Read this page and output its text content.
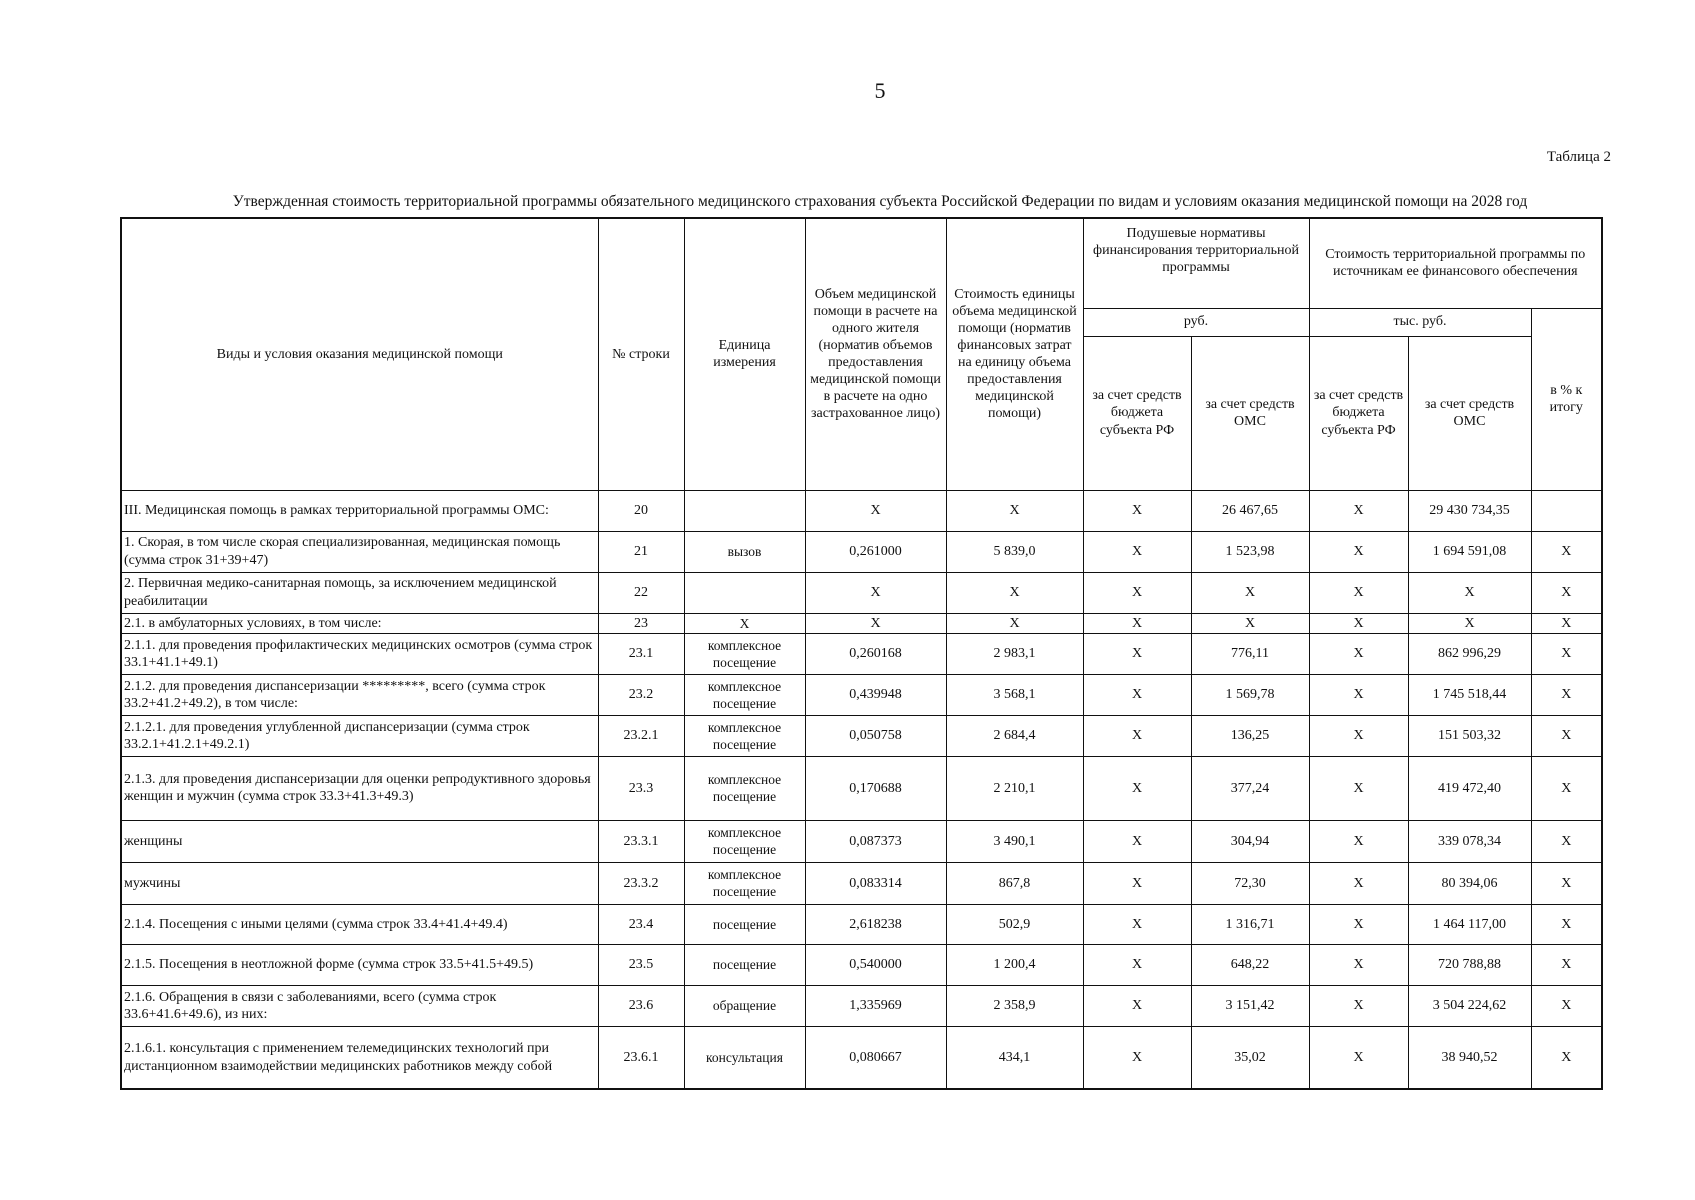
5
Таблица 2
Утвержденная стоимость территориальной программы обязательного медицинского страхования субъекта Российской Федерации по видам и условиям оказания медицинской помощи на 2028 год
Виды и условия оказания медицинской помощи	№ строки	Единица измерения	Объем медицинской помощи в расчете на одного жителя (норматив объемов предоставления медицинской помощи в расчете на одно застрахованное лицо)	Стоимость единицы объема медицинской помощи (норматив финансовых затрат на единицу объема предоставления медицинской помощи)	Подушевые нормативы финансирования территориальной программы		Стоимость территориальной программы по источникам ее финансового обеспечения		
					руб.		тыс. руб.		в % к итогу
					за счет средств бюджета субъекта РФ	за счет средств ОМС	за счет средств бюджета субъекта РФ	за счет средств ОМС	
III. Медицинская помощь в рамках территориальной программы ОМС:	20		X	X	X	26 467,65	X	29 430 734,35	
1. Скорая, в том числе скорая специализированная, медицинская помощь (сумма строк 31+39+47)	21	вызов	0,261000	5 839,0	X	1 523,98	X	1 694 591,08	X
2. Первичная медико-санитарная помощь, за исключением медицинской реабилитации	22		X	X	X	X	X	X	X
2.1. в амбулаторных условиях, в том числе:	23	X	X	X	X	X	X	X	X
2.1.1. для проведения профилактических медицинских осмотров (сумма строк 33.1+41.1+49.1)	23.1	комплексное посещение	0,260168	2 983,1	X	776,11	X	862 996,29	X
2.1.2. для проведения диспансеризации *********, всего (сумма строк 33.2+41.2+49.2), в том числе:	23.2	комплексное посещение	0,439948	3 568,1	X	1 569,78	X	1 745 518,44	X
2.1.2.1. для проведения углубленной диспансеризации (сумма строк 33.2.1+41.2.1+49.2.1)	23.2.1	комплексное посещение	0,050758	2 684,4	X	136,25	X	151 503,32	X
2.1.3. для проведения диспансеризации для оценки репродуктивного здоровья женщин и мужчин (сумма строк 33.3+41.3+49.3)	23.3	комплексное посещение	0,170688	2 210,1	X	377,24	X	419 472,40	X
женщины	23.3.1	комплексное посещение	0,087373	3 490,1	X	304,94	X	339 078,34	X
мужчины	23.3.2	комплексное посещение	0,083314	867,8	X	72,30	X	80 394,06	X
2.1.4. Посещения с иными целями (сумма строк 33.4+41.4+49.4)	23.4	посещение	2,618238	502,9	X	1 316,71	X	1 464 117,00	X
2.1.5. Посещения в неотложной форме (сумма строк 33.5+41.5+49.5)	23.5	посещение	0,540000	1 200,4	X	648,22	X	720 788,88	X
2.1.6. Обращения в связи с заболеваниями, всего (сумма строк 33.6+41.6+49.6), из них:	23.6	обращение	1,335969	2 358,9	X	3 151,42	X	3 504 224,62	X
2.1.6.1. консультация с применением телемедицинских технологий при дистанционном взаимодействии медицинских работников между собой	23.6.1	консультация	0,080667	434,1	X	35,02	X	38 940,52	X
